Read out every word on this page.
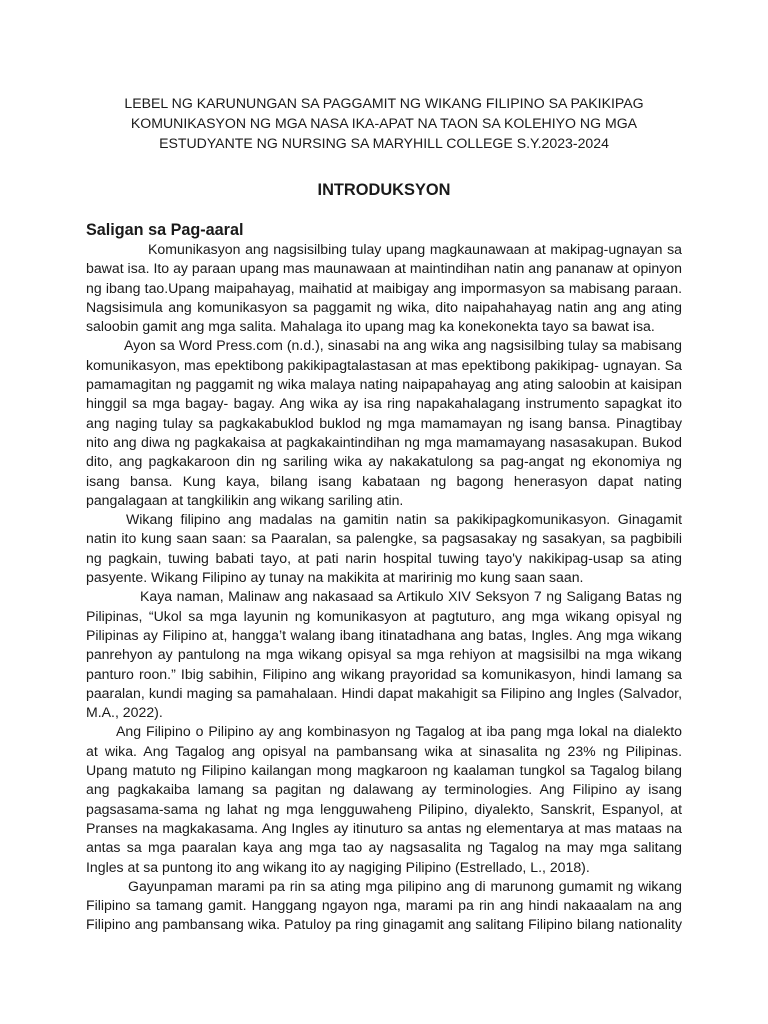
LEBEL NG KARUNUNGAN SA PAGGAMIT NG WIKANG FILIPINO SA PAKIKIPAG
KOMUNIKASYON NG MGA NASA IKA-APAT NA TAON SA KOLEHIYO NG MGA
ESTUDYANTE NG NURSING SA MARYHILL COLLEGE S.Y.2023-2024
INTRODUKSYON
Saligan sa Pag-aaral

Komunikasyon ang nagsisilbing tulay upang magkaunawaan at makipag-ugnayan sa bawat isa. Ito ay paraan upang mas maunawaan at maintindihan natin ang pananaw at opinyon ng ibang tao.Upang maipahayag, maihatid at maibigay ang impormasyon sa mabisang paraan. Nagsisimula ang komunikasyon sa paggamit ng wika, dito naipahahayag natin ang ang ating saloobin gamit ang mga salita. Mahalaga ito upang mag ka konekonekta tayo sa bawat isa.

Ayon sa Word Press.com (n.d.), sinasabi na ang wika ang nagsisilbing tulay sa mabisang komunikasyon, mas epektibong pakikipagtalastasan at mas epektibong pakikipag- ugnayan. Sa pamamagitan ng paggamit ng wika malaya nating naipapahayag ang ating saloobin at kaisipan hinggil sa mga bagay- bagay. Ang wika ay isa ring napakahalagang instrumento sapagkat ito ang naging tulay sa pagkakabuklod buklod ng mga mamamayan ng isang bansa. Pinagtibay nito ang diwa ng pagkakaisa at pagkakaintindihan ng mga mamamayang nasasakupan. Bukod dito, ang pagkakaroon din ng sariling wika ay nakakatulong sa pag-angat ng ekonomiya ng isang bansa. Kung kaya, bilang isang kabataan ng bagong henerasyon dapat nating pangalagaan at tangkilikin ang wikang sariling atin.

Wikang filipino ang madalas na gamitin natin sa pakikipagkomunikasyon. Ginagamit natin ito kung saan saan: sa Paaralan, sa palengke, sa pagsasakay ng sasakyan, sa pagbibili ng pagkain, tuwing babati tayo, at pati narin hospital tuwing tayo'y nakikipag-usap sa ating pasyente. Wikang Filipino ay tunay na makikita at maririnig mo kung saan saan.

Kaya naman, Malinaw ang nakasaad sa Artikulo XIV Seksyon 7 ng Saligang Batas ng Pilipinas, “Ukol sa mga layunin ng komunikasyon at pagtuturo, ang mga wikang opisyal ng Pilipinas ay Filipino at, hangga’t walang ibang itinatadhana ang batas, Ingles. Ang mga wikang panrehyon ay pantulong na mga wikang opisyal sa mga rehiyon at magsisilbi na mga wikang panturo roon.” Ibig sabihin, Filipino ang wikang prayoridad sa komunikasyon, hindi lamang sa paaralan, kundi maging sa pamahalaan. Hindi dapat makahigit sa Filipino ang Ingles (Salvador, M.A., 2022).

Ang Filipino o Pilipino ay ang kombinasyon ng Tagalog at iba pang mga lokal na dialekto at wika. Ang Tagalog ang opisyal na pambansang wika at sinasalita ng 23% ng Pilipinas. Upang matuto ng Filipino kailangan mong magkaroon ng kaalaman tungkol sa Tagalog bilang ang pagkakaiba lamang sa pagitan ng dalawang ay terminologies. Ang Filipino ay isang pagsasama-sama ng lahat ng mga lengguwaheng Pilipino, diyalekto, Sanskrit, Espanyol, at Pranses na magkakasama. Ang Ingles ay itinuturo sa antas ng elementarya at mas mataas na antas sa mga paaralan kaya ang mga tao ay nagsasalita ng Tagalog na may mga salitang Ingles at sa puntong ito ang wikang ito ay nagiging Pilipino (Estrellado, L., 2018).

Gayunpaman marami pa rin sa ating mga pilipino ang di marunong gumamit ng wikang Filipino sa tamang gamit. Hanggang ngayon nga, marami pa rin ang hindi nakaaalam na ang Filipino ang pambansang wika. Patuloy pa ring ginagamit ang salitang Filipino bilang nationality
